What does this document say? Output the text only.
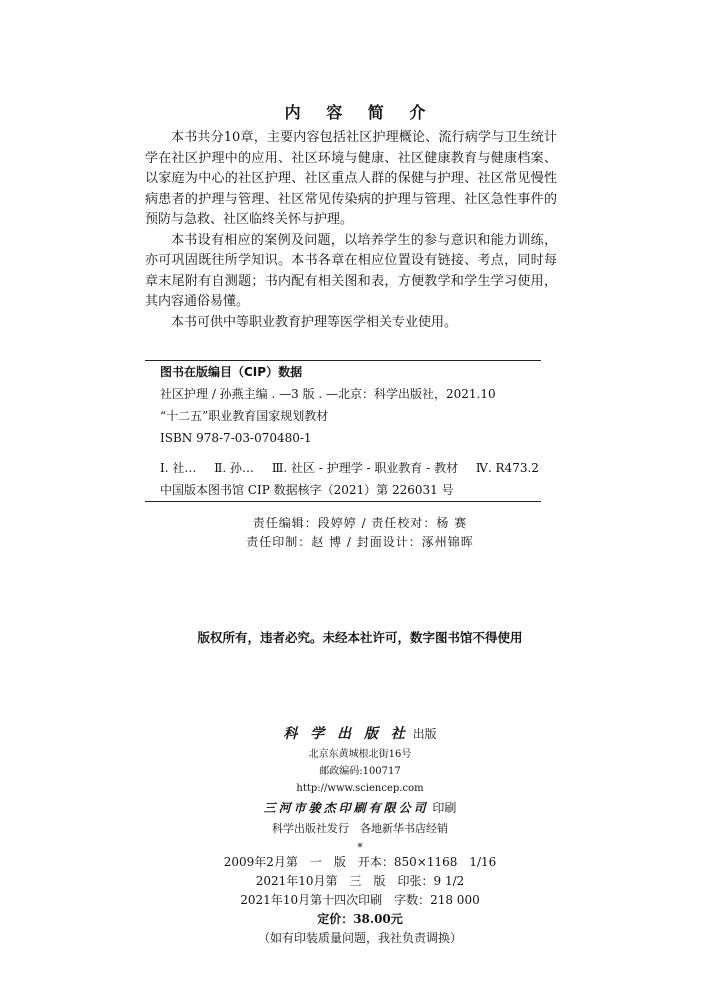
内 容 简 介

本书共分10章，主要内容包括社区护理概论、流行病学与卫生统计学在社区护理中的应用、社区环境与健康、社区健康教育与健康档案、以家庭为中心的社区护理、社区重点人群的保健与护理、社区常见慢性病患者的护理与管理、社区常见传染病的护理与管理、社区急性事件的预防与急救、社区临终关怀与护理。

本书设有相应的案例及问题，以培养学生的参与意识和能力训练，亦可巩固既往所学知识。本书各章在相应位置设有链接、考点，同时每章末尾附有自测题；书内配有相关图和表，方便教学和学生学习使用，其内容通俗易懂。

本书可供中等职业教育护理等医学相关专业使用。

图书在版编目（CIP）数据
社区护理 / 孙燕主编 . —3 版 . —北京：科学出版社，2021.10
“十二五”职业教育国家规划教材
ISBN 978-7-03-070480-1
Ⅰ. 社… Ⅱ. 孙… Ⅲ. 社区 - 护理学 - 职业教育 - 教材 Ⅳ. R473.2
中国版本图书馆 CIP 数据核字（2021）第 226031 号
责任编辑：段婷婷 / 责任校对：杨 赛
责任印制：赵 博 / 封面设计：涿州锦晖
版权所有，违者必究。未经本社许可，数字图书馆不得使用
科 学 出 版 社 出版
北京东黄城根北街16号
邮政编码:100717
http://www.sciencep.com
三河市骏杰印刷有限公司 印刷
科学出版社发行　各地新华书店经销
*
2009年2月第　一　版　开本：850×1168　1/16
2021年10月第　三　版　印张：9 1/2
2021年10月第十四次印刷　字数：218 000
定价：38.00元
（如有印装质量问题，我社负责调换）
